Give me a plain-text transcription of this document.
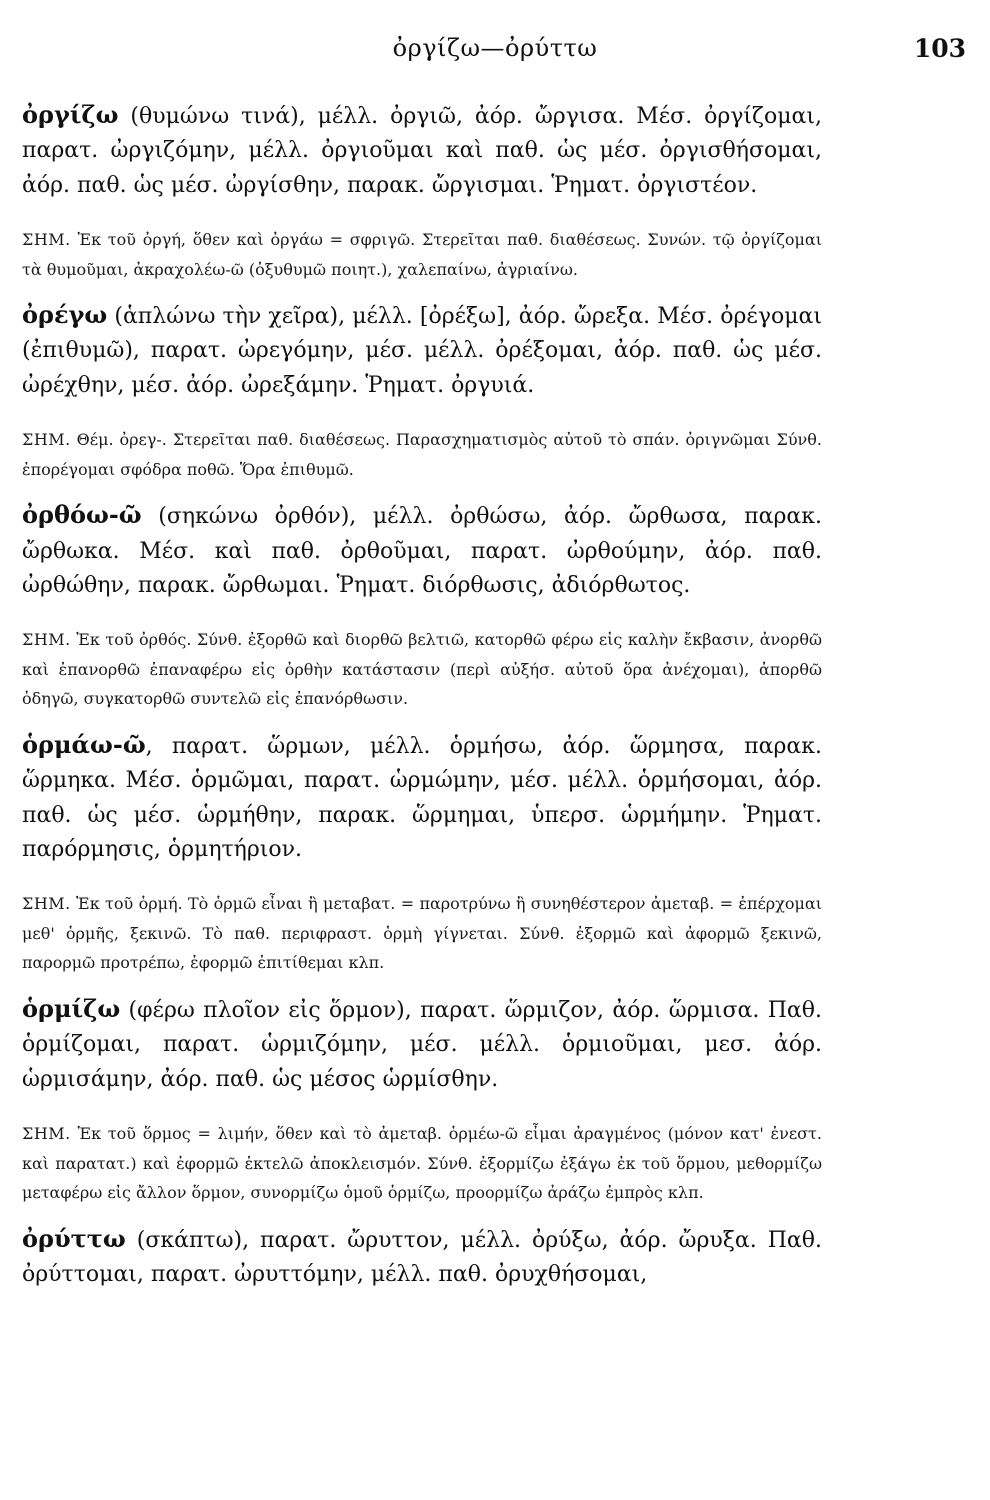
ὀργίζω—ὀρύττω	103

ὀργίζω (θυμώνω τινά), μέλλ. ὀργιῶ, ἀόρ. ὤργισα. Μέσ. ὀργίζομαι, παρατ. ὠργιζόμην, μέλλ. ὀργιοῦμαι καὶ παθ. ὡς μέσ. ὀργισθήσομαι, ἀόρ. παθ. ὡς μέσ. ὠργίσθην, παρακ. ὤργισμαι. Ῥηματ. ὀργιστέον.

ΣΗΜ. Ἐκ τοῦ ὀργή, ὅθεν καὶ ὀργάω = σφριγῶ. Στερεῖται παθ. διαθέσεως. Συνών. τῷ ὀργίζομαι τὰ θυμοῦμαι, ἀκραχολέω-ῶ (ὀξυθυμῶ ποιητ.), χαλεπαίνω, ἀγριαίνω.

ὀρέγω (ἁπλώνω τὴν χεῖρα), μέλλ. [ὀρέξω], ἀόρ. ὤρεξα. Μέσ. ὀρέγομαι (ἐπιθυμῶ), παρατ. ὠρεγόμην, μέσ. μέλλ. ὀρέξομαι, ἀόρ. παθ. ὡς μέσ. ὠρέχθην, μέσ. ἀόρ. ὠρεξάμην. Ῥηματ. ὀργυιά.

ΣΗΜ. Θέμ. ὀρεγ-. Στερεῖται παθ. διαθέσεως. Παρασχηματισμὸς αὐτοῦ τὸ σπάν. ὀριγνῶμαι Σύνθ. ἐπορέγομαι σφόδρα ποθῶ. Ὅρα ἐπιθυμῶ.

ὀρθόω-ῶ (σηκώνω ὀρθόν), μέλλ. ὀρθώσω, ἀόρ. ὤρθωσα, παρακ. ὤρθωκα. Μέσ. καὶ παθ. ὀρθοῦμαι, παρατ. ὠρθούμην, ἀόρ. παθ. ὠρθώθην, παρακ. ὤρθωμαι. Ῥηματ. διόρθωσις, ἀδιόρθωτος.

ΣΗΜ. Ἐκ τοῦ ὀρθός. Σύνθ. ἐξορθῶ καὶ διορθῶ βελτιῶ, κατορθῶ φέρω εἰς καλὴν ἔκβασιν, ἀνορθῶ καὶ ἐπανορθῶ ἐπαναφέρω εἰς ὀρθὴν κατάστασιν (περὶ αὐξήσ. αὐτοῦ ὅρα ἀνέχομαι), ἀπορθῶ ὁδηγῶ, συγκατορθῶ συντελῶ εἰς ἐπανόρθωσιν.

ὁρμάω-ῶ, παρατ. ὥρμων, μέλλ. ὁρμήσω, ἀόρ. ὥρμησα, παρακ. ὥρμηκα. Μέσ. ὁρμῶμαι, παρατ. ὡρμώμην, μέσ. μέλλ. ὁρμήσομαι, ἀόρ. παθ. ὡς μέσ. ὡρμήθην, παρακ. ὥρμημαι, ὑπερσ. ὡρμήμην. Ῥηματ. παρόρμησις, ὁρμητήριον.

ΣΗΜ. Ἐκ τοῦ ὁρμή. Τὸ ὁρμῶ εἶναι ἢ μεταβατ. = παροτρύνω ἢ συνηθέστερον ἀμεταβ. = ἐπέρχομαι μεθ' ὁρμῆς, ξεκινῶ. Τὸ παθ. περιφραστ. ὁρμὴ γίγνεται. Σύνθ. ἐξορμῶ καὶ ἀφορμῶ ξεκινῶ, παρορμῶ προτρέπω, ἐφορμῶ ἐπιτίθεμαι κλπ.

ὁρμίζω (φέρω πλοῖον εἰς ὅρμον), παρατ. ὥρμιζον, ἀόρ. ὥρμισα. Παθ. ὁρμίζομαι, παρατ. ὡρμιζόμην, μέσ. μέλλ. ὁρμιοῦμαι, μεσ. ἀόρ. ὡρμισάμην, ἀόρ. παθ. ὡς μέσος ὡρμίσθην.

ΣΗΜ. Ἐκ τοῦ ὅρμος = λιμήν, ὅθεν καὶ τὸ ἀμεταβ. ὁρμέω-ῶ εἶμαι ἀραγμένος (μόνον κατ' ἐνεστ. καὶ παρατατ.) καὶ ἐφορμῶ ἐκτελῶ ἀποκλεισμόν. Σύνθ. ἐξορμίζω ἐξάγω ἐκ τοῦ ὅρμου, μεθορμίζω μεταφέρω εἰς ἄλλον ὅρμον, συνορμίζω ὁμοῦ ὁρμίζω, προορμίζω ἀράζω ἐμπρὸς κλπ.

ὀρύττω (σκάπτω), παρατ. ὤρυττον, μέλλ. ὀρύξω, ἀόρ. ὤρυξα. Παθ. ὀρύττομαι, παρατ. ὠρυττόμην, μέλλ. παθ. ὀρυχθήσομαι,
